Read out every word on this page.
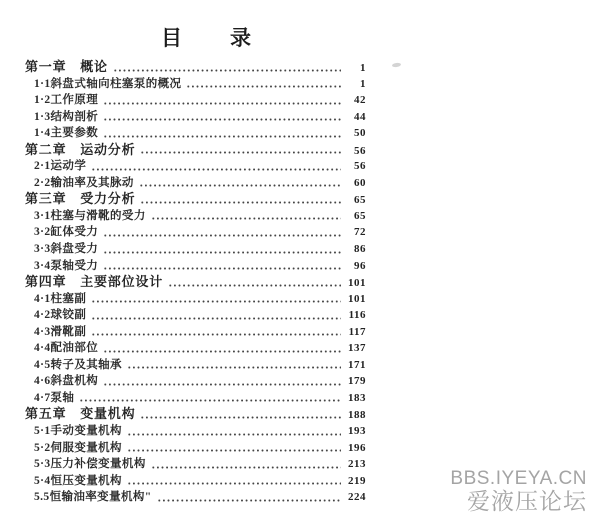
目　　录
第一章　概论	1
1·1斜盘式轴向柱塞泵的概况	1
1·2工作原理	42
1·3结构剖析	44
1·4主要参数	50
第二章　运动分析	56
2·1运动学	56
2·2输油率及其脉动	60
第三章　受力分析	65
3·1柱塞与滑靴的受力	65
3·2缸体受力	72
3·3斜盘受力	86
3·4泵轴受力	96
第四章　主要部位设计	101
4·1柱塞副	101
4·2球铰副	116
4·3滑靴副	117
4·4配油部位	137
4·5转子及其轴承	171
4·6斜盘机构	179
4·7泵轴	183
第五章　变量机构	188
5·1手动变量机构	193
5·2伺服变量机构	196
5·3压力补偿变量机构	213
5·4恒压变量机构	219
5.5恒输油率变量机构"	224
BBS.IYEYA.CN
爱液压论坛
